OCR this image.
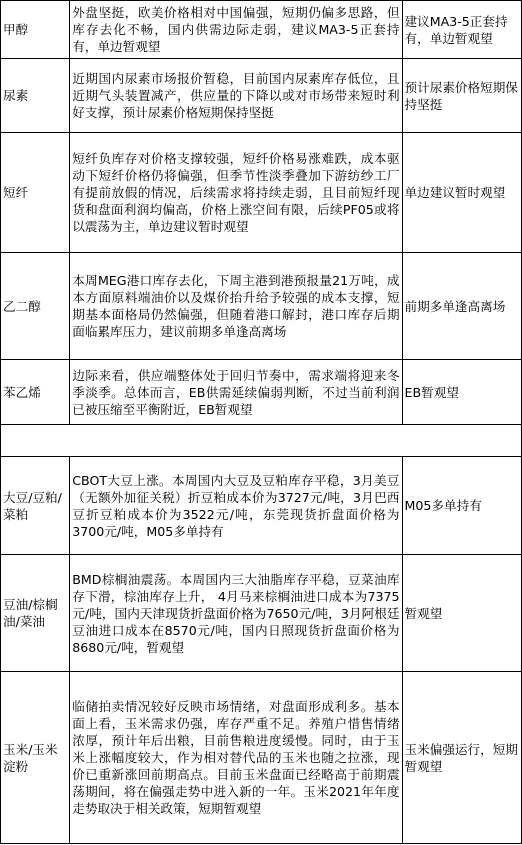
甲醇	外盘坚挺，欧美价格相对中国偏强，短期仍偏多思路，但库存去化不畅，国内供需边际走弱，建议MA3-5正套持有，单边暂观望	建议MA3-5正套持有，单边暂观望
尿素	近期国内尿素市场报价暂稳，目前国内尿素库存低位，且近期气头装置减产，供应量的下降以或对市场带来短时利好支撑，预计尿素价格短期保持坚挺	预计尿素价格短期保持坚挺
短纤	短纤负库存对价格支撑较强，短纤价格易涨难跌，成本驱动下短纤价格仍将偏强，但季节性淡季叠加下游纺纱工厂有提前放假的情况，后续需求将持续走弱，且目前短纤现货和盘面利润均偏高，价格上涨空间有限，后续PF05或将以震荡为主，单边建议暂时观望	单边建议暂时观望
乙二醇	本周MEG港口库存去化，下周主港到港预报量21万吨，成本方面原料端油价以及煤价抬升给予较强的成本支撑，短期基本面格局仍然偏强，但随着港口解封，港口库存后期面临累库压力，建议前期多单逢高离场	前期多单逢高离场
苯乙烯	边际来看，供应端整体处于回归节奏中，需求端将迎来冬季淡季。总体而言，EB供需延续偏弱判断，不过当前利润已被压缩至平衡附近，EB暂观望	EB暂观望
大豆/豆粕/菜粕	CBOT大豆上涨。本周国内大豆及豆粕库存平稳，3月美豆（无额外加征关税）折豆粕成本价为3727元/吨，3月巴西豆折豆粕成本价为3522元/吨，东莞现货折盘面价格为3700元/吨，M05多单持有	M05多单持有
豆油/棕榈油/菜油	BMD棕榈油震荡。本周国内三大油脂库存平稳，豆菜油库存下滑，棕油库存上升， 4月马来棕榈油进口成本为7375元/吨，国内天津现货折盘面价格为7650元/吨，3月阿根廷豆油进口成本在8570元/吨，国内日照现货折盘面价格为8680元/吨，暂观望	暂观望
玉米/玉米淀粉	临储拍卖情况较好反映市场情绪，对盘面形成利多。基本面上看，玉米需求仍强，库存严重不足。养殖户惜售情绪浓厚，预计年后出粮，目前售粮进度缓慢。同时，由于玉米上涨幅度较大，作为相对替代品的玉米也随之拉涨，现价已重新涨回前期高点。目前玉米盘面已经略高于前期震荡期间，将在偏强走势中进入新的一年。玉米2021年年度走势取决于相关政策，短期暂观望	玉米偏强运行，短期暂观望
